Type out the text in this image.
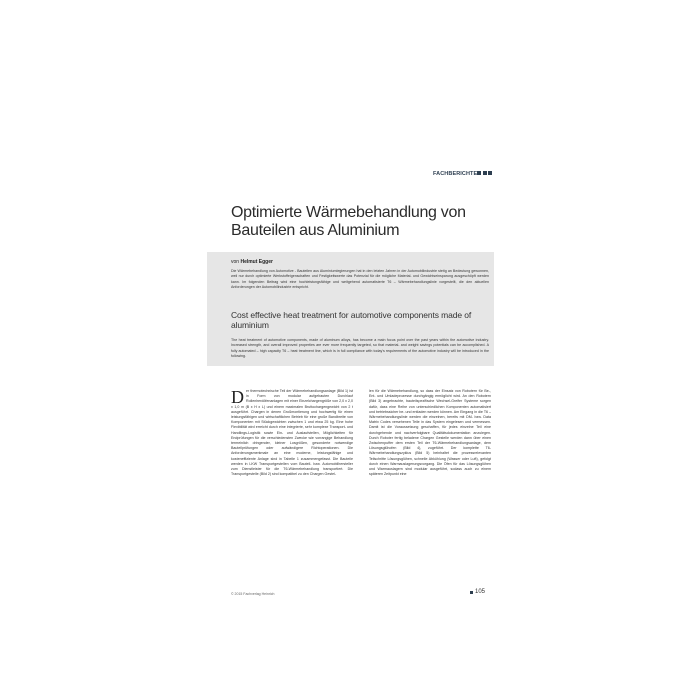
FACHBERICHTE
Optimierte Wärmebehandlung von Bauteilen aus Aluminium
von Helmut Egger
Die Wärmebehandlung von Automotive - Bauteilen aus Aluminiumlegierungen hat in den letzten Jahren in der Automobilindustrie stetig an Bedeutung gewonnen, weil nur durch optimierte Werkstoffeigenschaften und Festigkeitswerte das Potenzial für die mögliche Material- und Gewichtseinsparung ausgeschöpft werden kann. Im folgenden Beitrag wird eine hochleistungsfähige und weitgehend automatisierte T6 – Wärmebehandlungslinie vorgestellt, die den aktuellen Anforderungen der Automobilindustrie entspricht.
Cost effective heat treatment for automotive components made of aluminium
The heat treatment of automotive components, made of aluminum alloys, has become a main focus point over the past years within the automotive industry. Increased strength, and overall improved properties are ever more frequently targeted, so that material- and weight savings potentials can be accomplished. A fully automated – high capacity T6 – heat treatment line, which is in full compliance with today's requirements of the automotive industry will be introduced in the following.
D er thermotechnische Teil der Wärmebehandlungsanlage (Bild 1) ist in Form von modular aufgebauten Durchlauf Rollenherdöfenanlagen mit einer Einzelchargengröße von 2,0 x 2,0 x 1,0 m (B x H x L) und einem maximalen Bruttochargengewicht von 2 t ausgeführt. Chargen in denen Großmontierung und hochwertig für einen leistungsfähigen und wirtschaftlichen Betrieb für eine große Bandbreite von Komponenten mit Stückgewichten zwischen 1 und etwa 25 kg. Eine hohe Flexibilität wird erreicht durch eine integrierte, sehr komplexe Transport- und Handlings-Logistik sowie Ein- und Auslaufstellen, Möglichkeiten für Endprüfungen für die verschiedensten Zwecke wie vorrangige Behandlung termeinlich dringender, kleiner Losgrößen, gesonderte notwendige Bauteilprüfungen oder aufwändigere Richtoperationen. Die Anforderungsmerkmale an eine moderne, leistungsfähige und kosteneffiziente Anlage sind in Tabelle 1 zusammengefasst. Die Bauteile werden in LKW Transportgestellen vom Bauteil- bzw. Automobilhersteller zum Dienstleister für die T6-Wärmebehandlung transportiert. Die Transportgestelle (Bild 2) sind kompatibel zu den Chargen Gestel-
len für die Wärmebehandlung, so dass der Einsatz von Robotern für Be-, Ent- und Umladeprozesse durchgängig ermöglicht wird. An den Robotern (Bild 3) angebrachte, bauteilspezifische Wechsel-Greifer Systeme sorgen dafür, dass eine Reihe von unterschiedlichen Komponenten automatisiert und betriebssicher be- und entladen werden können. Am Eingang in die T6 – Wärmebehandlungslinie werden die einzelnen, bereits mit DM- bzw. Data Matrix Codes versehenen Teile in das System eingelesen und vermessen. Damit ist die Voraussetzung geschaffen, für jedes einzelne Teil eine durchgehende und nachverfolgbare Qualitätsdokumentation anzulegen. Durch Roboter fertig beladene Chargen Gestelle werden dann über einen Zwischenpuffer dem ersten Teil der T6-Wärmebehandlungsanlage, dem Lösungsglühofen (Bild 4), zugeführt. Der komplette T6-Wärmebehandlungszyklus (Bild 5) beinhaltet die prozessrelevanten Teilschritte Lösungsglühen, schnelle Abkühlung (Wasser oder Luft), gefolgt durch einen Warmauslagerungsvorgang. Die Öfen für das Lösungsglühen und Warmauslagern sind modular ausgeführt, sodass auch zu einem späteren Zeitpunkt eine
© 2015 Fachverlag Heinrich	105
